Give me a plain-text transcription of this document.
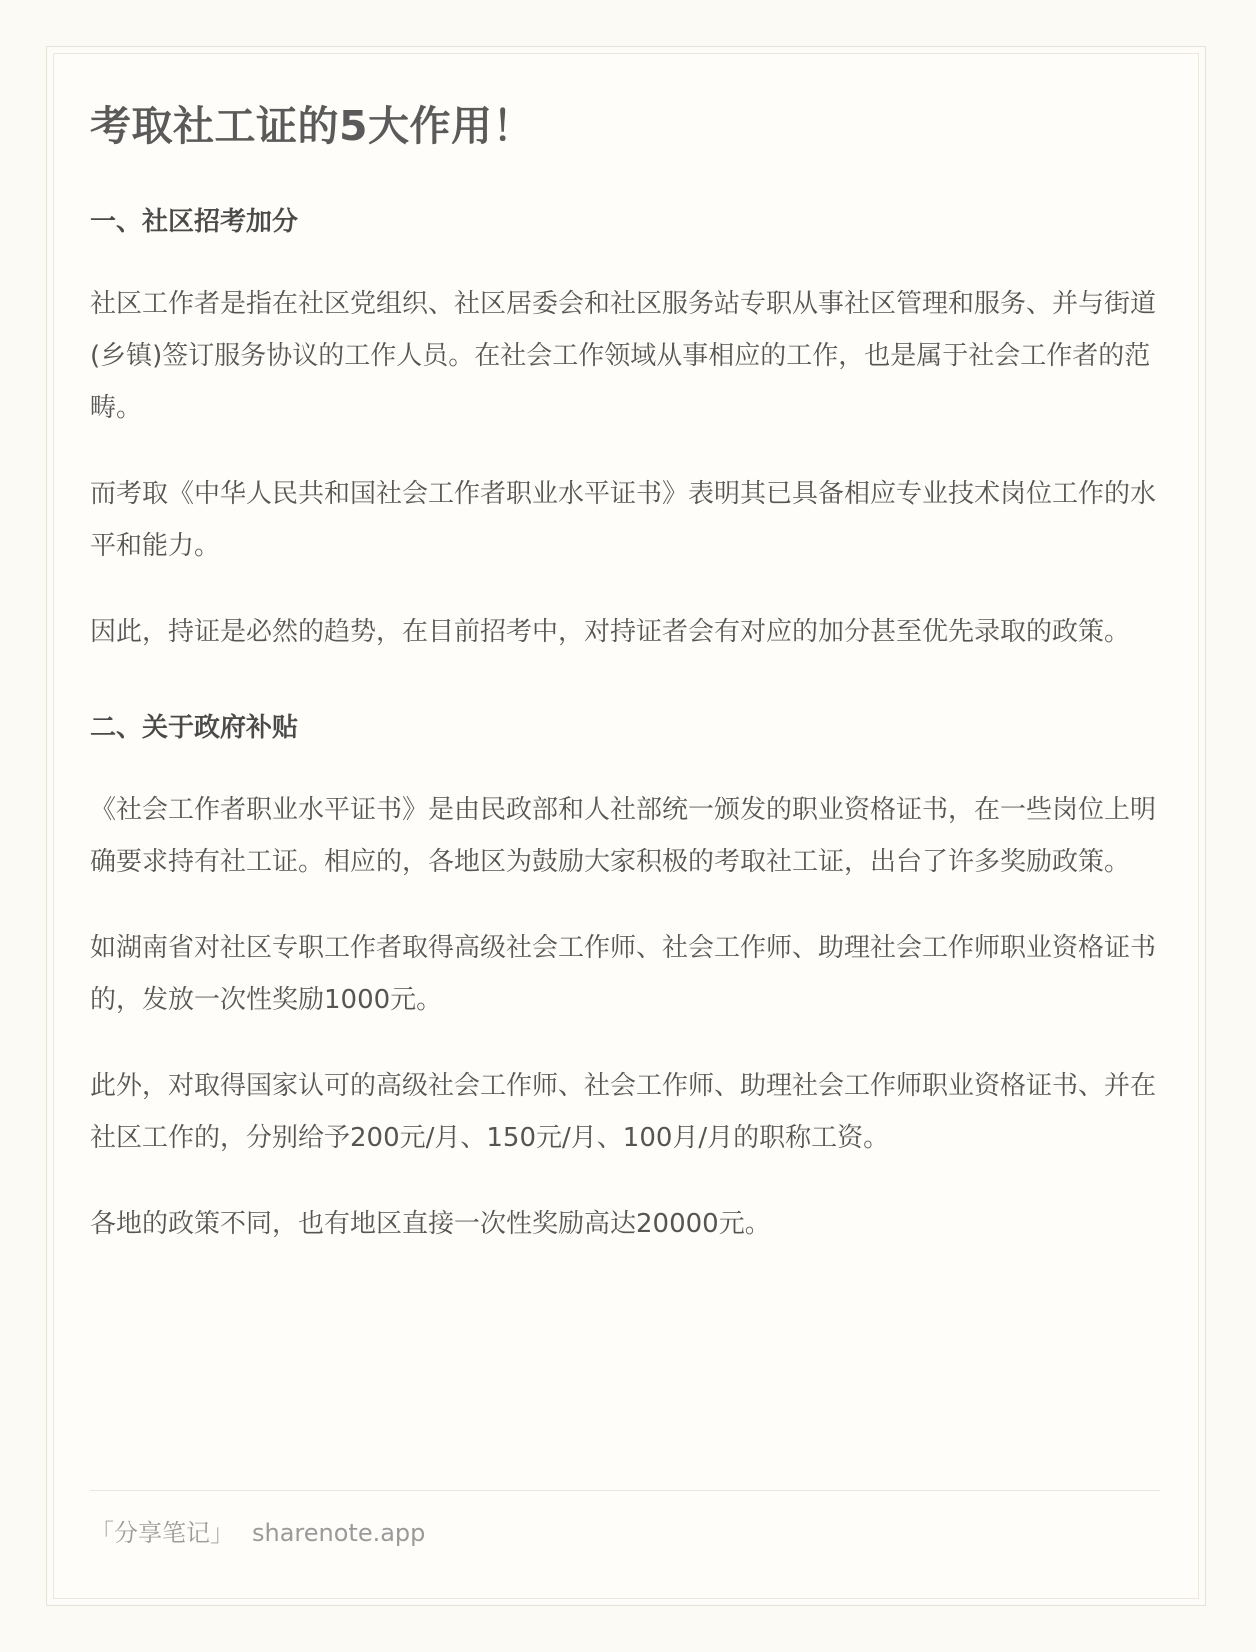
考取社工证的5大作用！
一、社区招考加分

社区工作者是指在社区党组织、社区居委会和社区服务站专职从事社区管理和服务、并与街道(乡镇)签订服务协议的工作人员。在社会工作领域从事相应的工作，也是属于社会工作者的范畴。

而考取《中华人民共和国社会工作者职业水平证书》表明其已具备相应专业技术岗位工作的水平和能力。

因此，持证是必然的趋势，在目前招考中，对持证者会有对应的加分甚至优先录取的政策。

二、关于政府补贴

《社会工作者职业水平证书》是由民政部和人社部统一颁发的职业资格证书，在一些岗位上明确要求持有社工证。相应的，各地区为鼓励大家积极的考取社工证，出台了许多奖励政策。

如湖南省对社区专职工作者取得高级社会工作师、社会工作师、助理社会工作师职业资格证书的，发放一次性奖励1000元。

此外，对取得国家认可的高级社会工作师、社会工作师、助理社会工作师职业资格证书、并在社区工作的，分别给予200元/月、150元/月、100月/月的职称工资。

各地的政策不同，也有地区直接一次性奖励高达20000元。

「分享笔记」 sharenote.app
